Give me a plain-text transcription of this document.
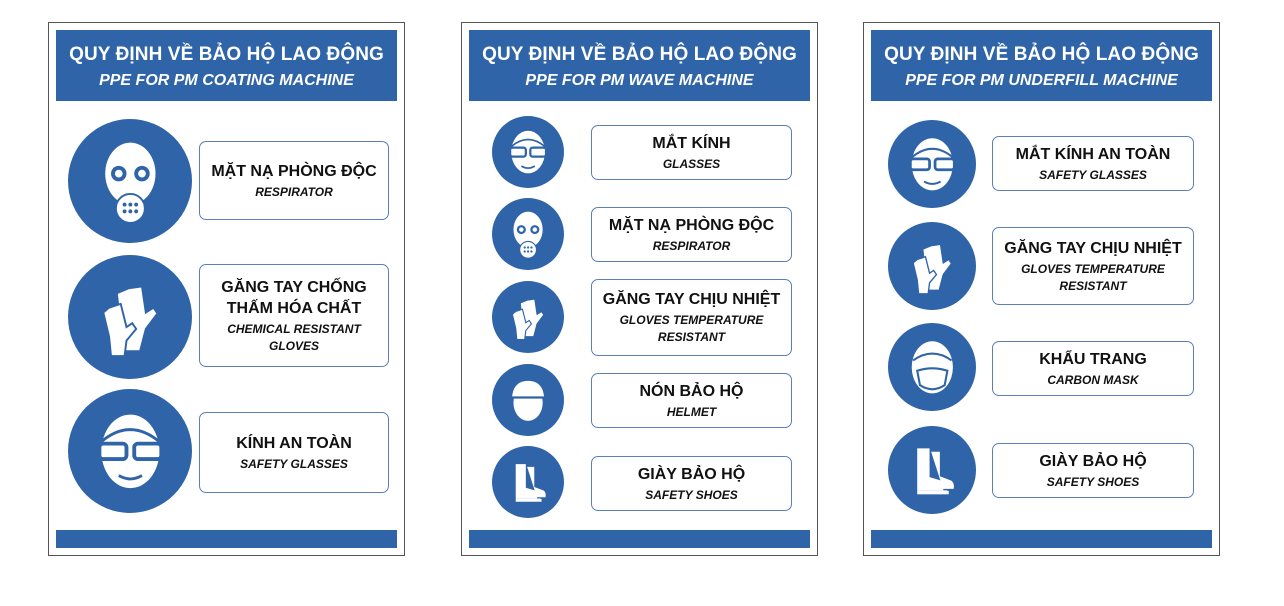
QUY ĐỊNH VỀ BẢO HỘ LAO ĐỘNG
PPE FOR PM COATING MACHINE
MẶT NẠ PHÒNG ĐỘC
RESPIRATOR
GĂNG TAY CHỐNG
THẤM HÓA CHẤT
CHEMICAL RESISTANT
GLOVES
KÍNH AN TOÀN
SAFETY GLASSES
QUY ĐỊNH VỀ BẢO HỘ LAO ĐỘNG
PPE FOR PM WAVE MACHINE
MẮT KÍNH
GLASSES
MẶT NẠ PHÒNG ĐỘC
RESPIRATOR
GĂNG TAY CHỊU NHIỆT
GLOVES TEMPERATURE
RESISTANT
NÓN BẢO HỘ
HELMET
GIÀY BẢO HỘ
SAFETY SHOES
QUY ĐỊNH VỀ BẢO HỘ LAO ĐỘNG
PPE FOR PM UNDERFILL MACHINE
MẮT KÍNH AN TOÀN
SAFETY GLASSES
GĂNG TAY CHỊU NHIỆT
GLOVES TEMPERATURE
RESISTANT
KHẨU TRANG
CARBON MASK
GIÀY BẢO HỘ
SAFETY SHOES
